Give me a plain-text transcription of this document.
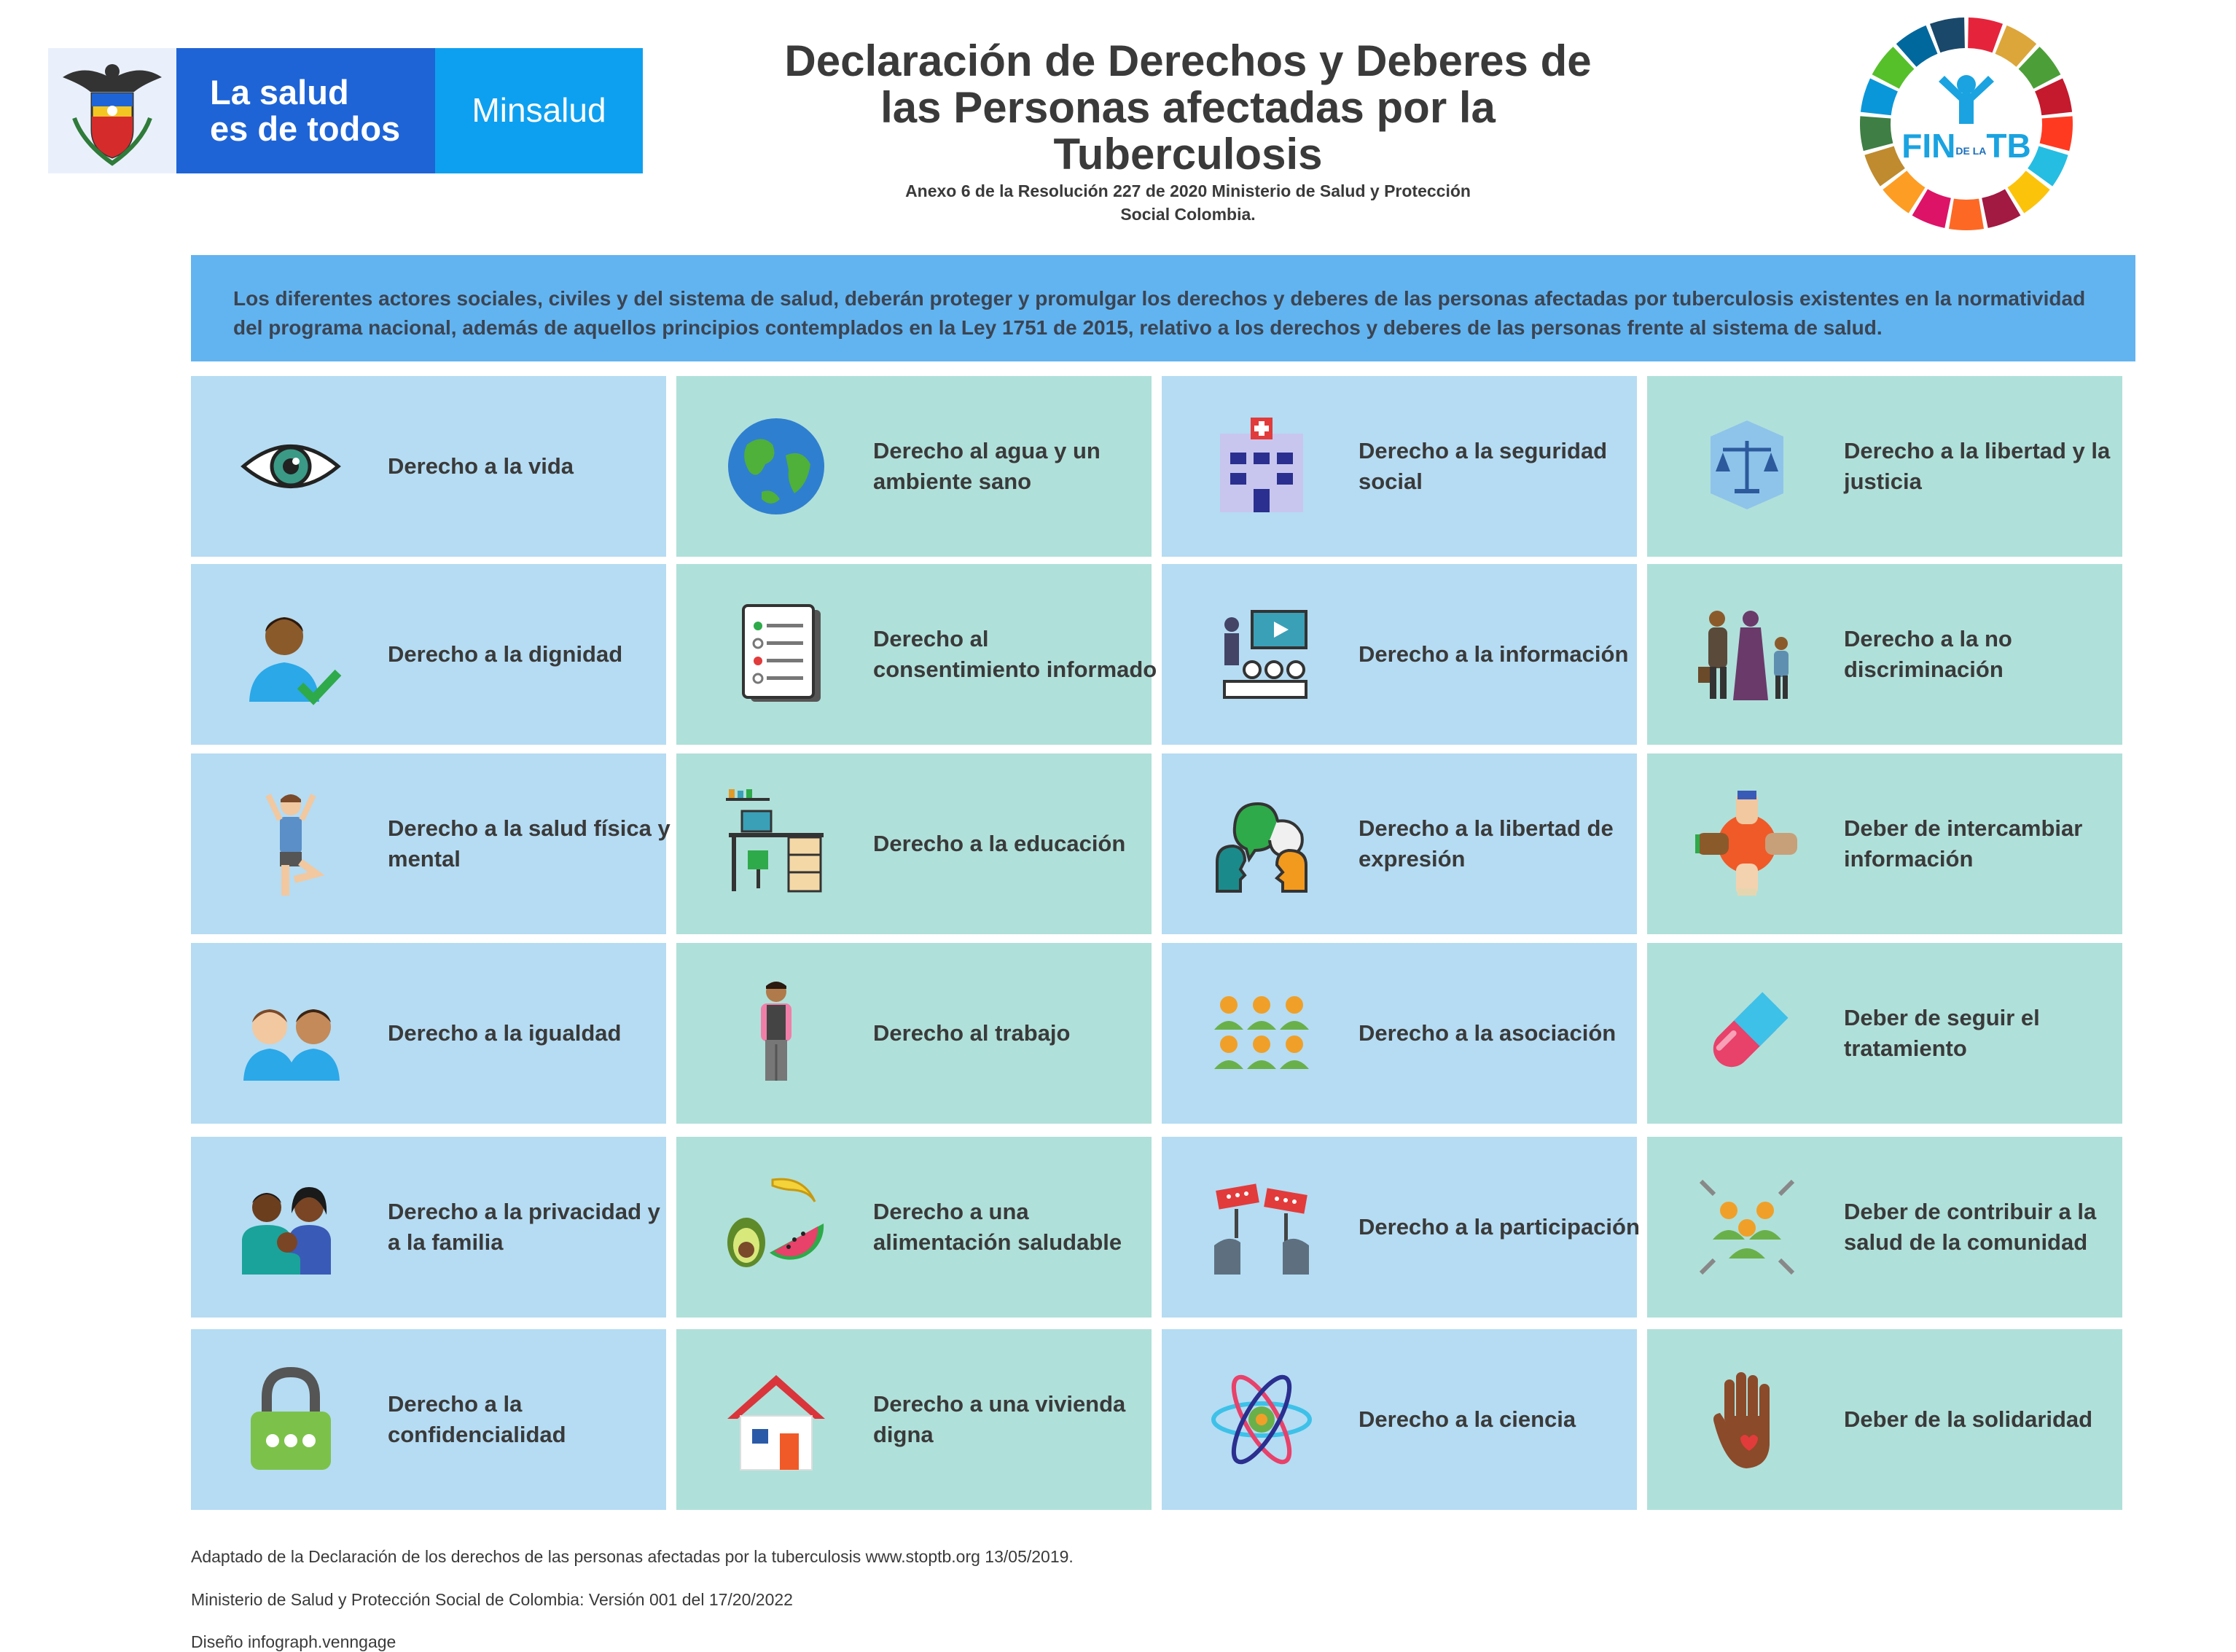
La salud
es de todos	Minsalud
Declaración de Derechos y Deberes de las Personas afectadas por la Tuberculosis
Anexo 6 de la Resolución 227 de 2020 Ministerio de Salud y Protección Social Colombia.
FINDE LATB
Los diferentes actores sociales, civiles y del sistema de salud, deberán proteger y promulgar los derechos y deberes de las personas afectadas por tuberculosis existentes en la normatividad del programa nacional, además de aquellos principios contemplados en la Ley 1751 de 2015, relativo a los derechos y deberes de las personas frente al sistema de salud.
Derecho a la vida
Derecho al agua y un ambiente sano
Derecho a la seguridad social
Derecho a la libertad y la justicia
Derecho a la dignidad
Derecho al consentimiento informado
Derecho a la información
Derecho a la no discriminación
Derecho a la salud física y mental
Derecho a la educación
Derecho a la libertad de expresión
Deber de intercambiar información
Derecho a la igualdad	Derecho al trabajo	Derecho a la asociación
Deber de seguir el tratamiento
Derecho a la privacidad y a la familia
Derecho a una alimentación saludable
Derecho a la participación
Deber de contribuir a la salud de la comunidad
Derecho a la confidencialidad
Derecho a una vivienda digna
Derecho a la ciencia	Deber de la solidaridad
Adaptado de la Declaración de los derechos de las personas afectadas por la tuberculosis www.stoptb.org 13/05/2019.
Ministerio de Salud y Protección Social de Colombia: Versión 001 del 17/20/2022
Diseño infograph.venngage
